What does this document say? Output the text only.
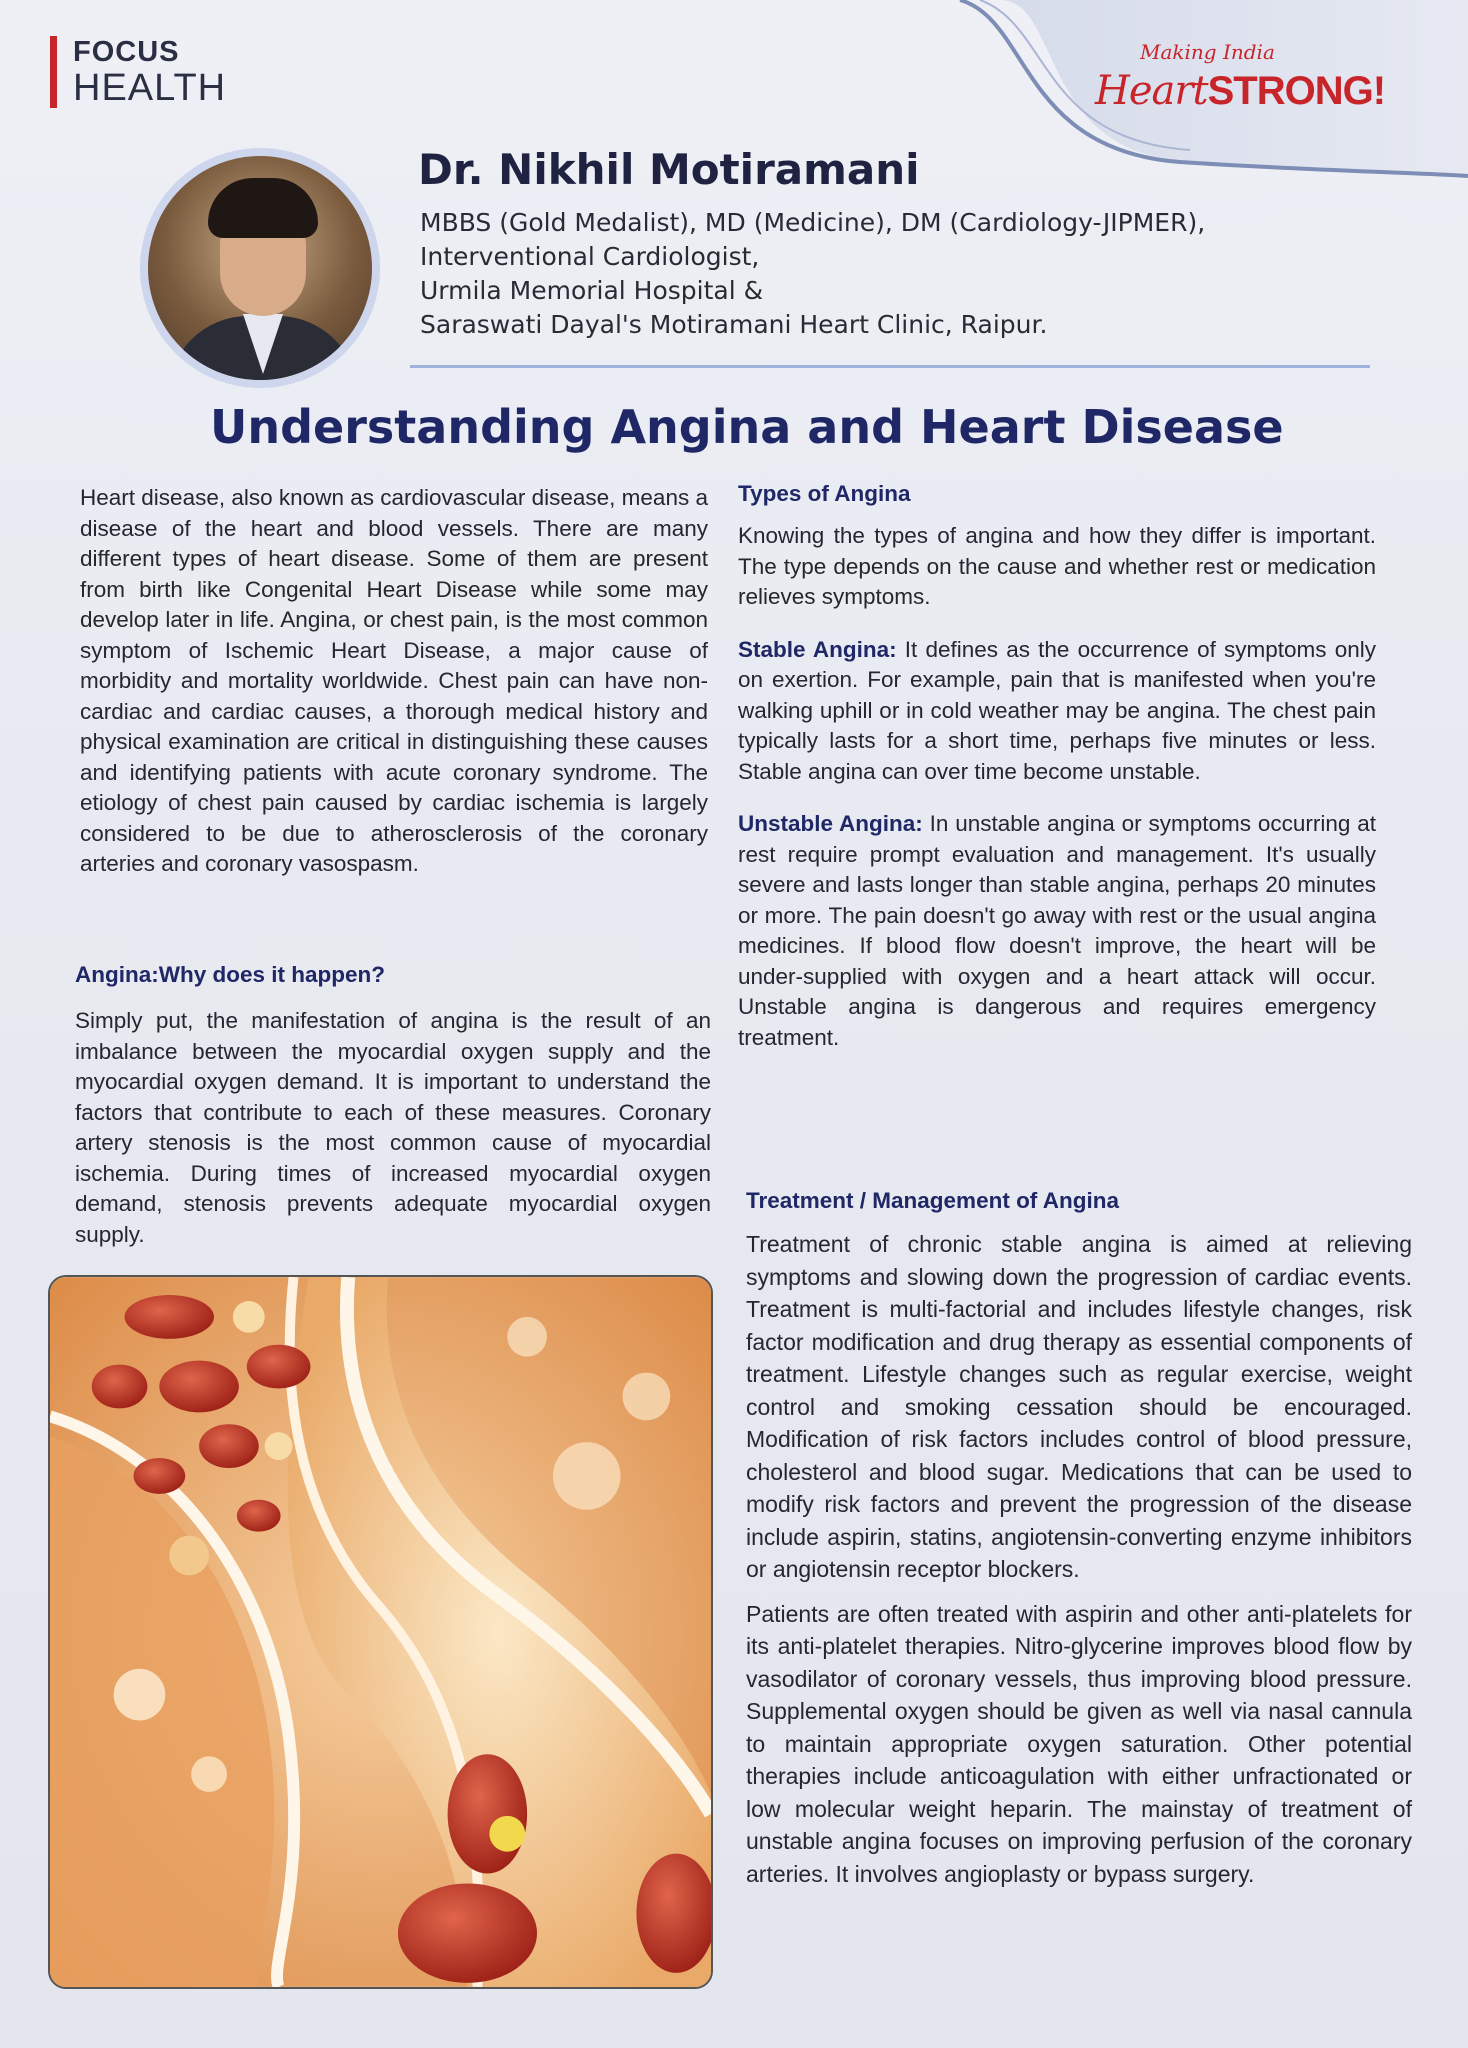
FOCUS
HEALTH
Making India
HeartSTRONG!
Dr. Nikhil Motiramani
MBBS (Gold Medalist), MD (Medicine), DM (Cardiology-JIPMER),
Interventional Cardiologist,
Urmila Memorial Hospital &
Saraswati Dayal's Motiramani Heart Clinic, Raipur.
Understanding Angina and Heart Disease

Heart disease, also known as cardiovascular disease, means a disease of the heart and blood vessels. There are many different types of heart disease. Some of them are present from birth like Congenital Heart Disease while some may develop later in life. Angina, or chest pain, is the most common symptom of Ischemic Heart Disease, a major cause of morbidity and mortality worldwide. Chest pain can have non-cardiac and cardiac causes, a thorough medical history and physical examination are critical in distinguishing these causes and identifying patients with acute coronary syndrome. The etiology of chest pain caused by cardiac ischemia is largely considered to be due to atherosclerosis of the coronary arteries and coronary vasospasm.

Angina:Why does it happen?

Simply put, the manifestation of angina is the result of an imbalance between the myocardial oxygen supply and the myocardial oxygen demand. It is important to understand the factors that contribute to each of these measures. Coronary artery stenosis is the most common cause of myocardial ischemia. During times of increased myocardial oxygen demand, stenosis prevents adequate myocardial oxygen supply.

Types of Angina

Knowing the types of angina and how they differ is important. The type depends on the cause and whether rest or medication relieves symptoms.

Stable Angina: It defines as the occurrence of symptoms only on exertion. For example, pain that is manifested when you're walking uphill or in cold weather may be angina. The chest pain typically lasts for a short time, perhaps five minutes or less. Stable angina can over time become unstable.

Unstable Angina: In unstable angina or symptoms occurring at rest require prompt evaluation and management. It's usually severe and lasts longer than stable angina, perhaps 20 minutes or more. The pain doesn't go away with rest or the usual angina medicines. If blood flow doesn't improve, the heart will be under-supplied with oxygen and a heart attack will occur. Unstable angina is dangerous and requires emergency treatment.

Treatment / Management of Angina

Treatment of chronic stable angina is aimed at relieving symptoms and slowing down the progression of cardiac events. Treatment is multi-factorial and includes lifestyle changes, risk factor modification and drug therapy as essential components of treatment. Lifestyle changes such as regular exercise, weight control and smoking cessation should be encouraged. Modification of risk factors includes control of blood pressure, cholesterol and blood sugar. Medications that can be used to modify risk factors and prevent the progression of the disease include aspirin, statins, angiotensin-converting enzyme inhibitors or angiotensin receptor blockers.

Patients are often treated with aspirin and other anti-platelets for its anti-platelet therapies. Nitro-glycerine improves blood flow by vasodilator of coronary vessels, thus improving blood pressure. Supplemental oxygen should be given as well via nasal cannula to maintain appropriate oxygen saturation. Other potential therapies include anticoagulation with either unfractionated or low molecular weight heparin. The mainstay of treatment of unstable angina focuses on improving perfusion of the coronary arteries. It involves angioplasty or bypass surgery.
